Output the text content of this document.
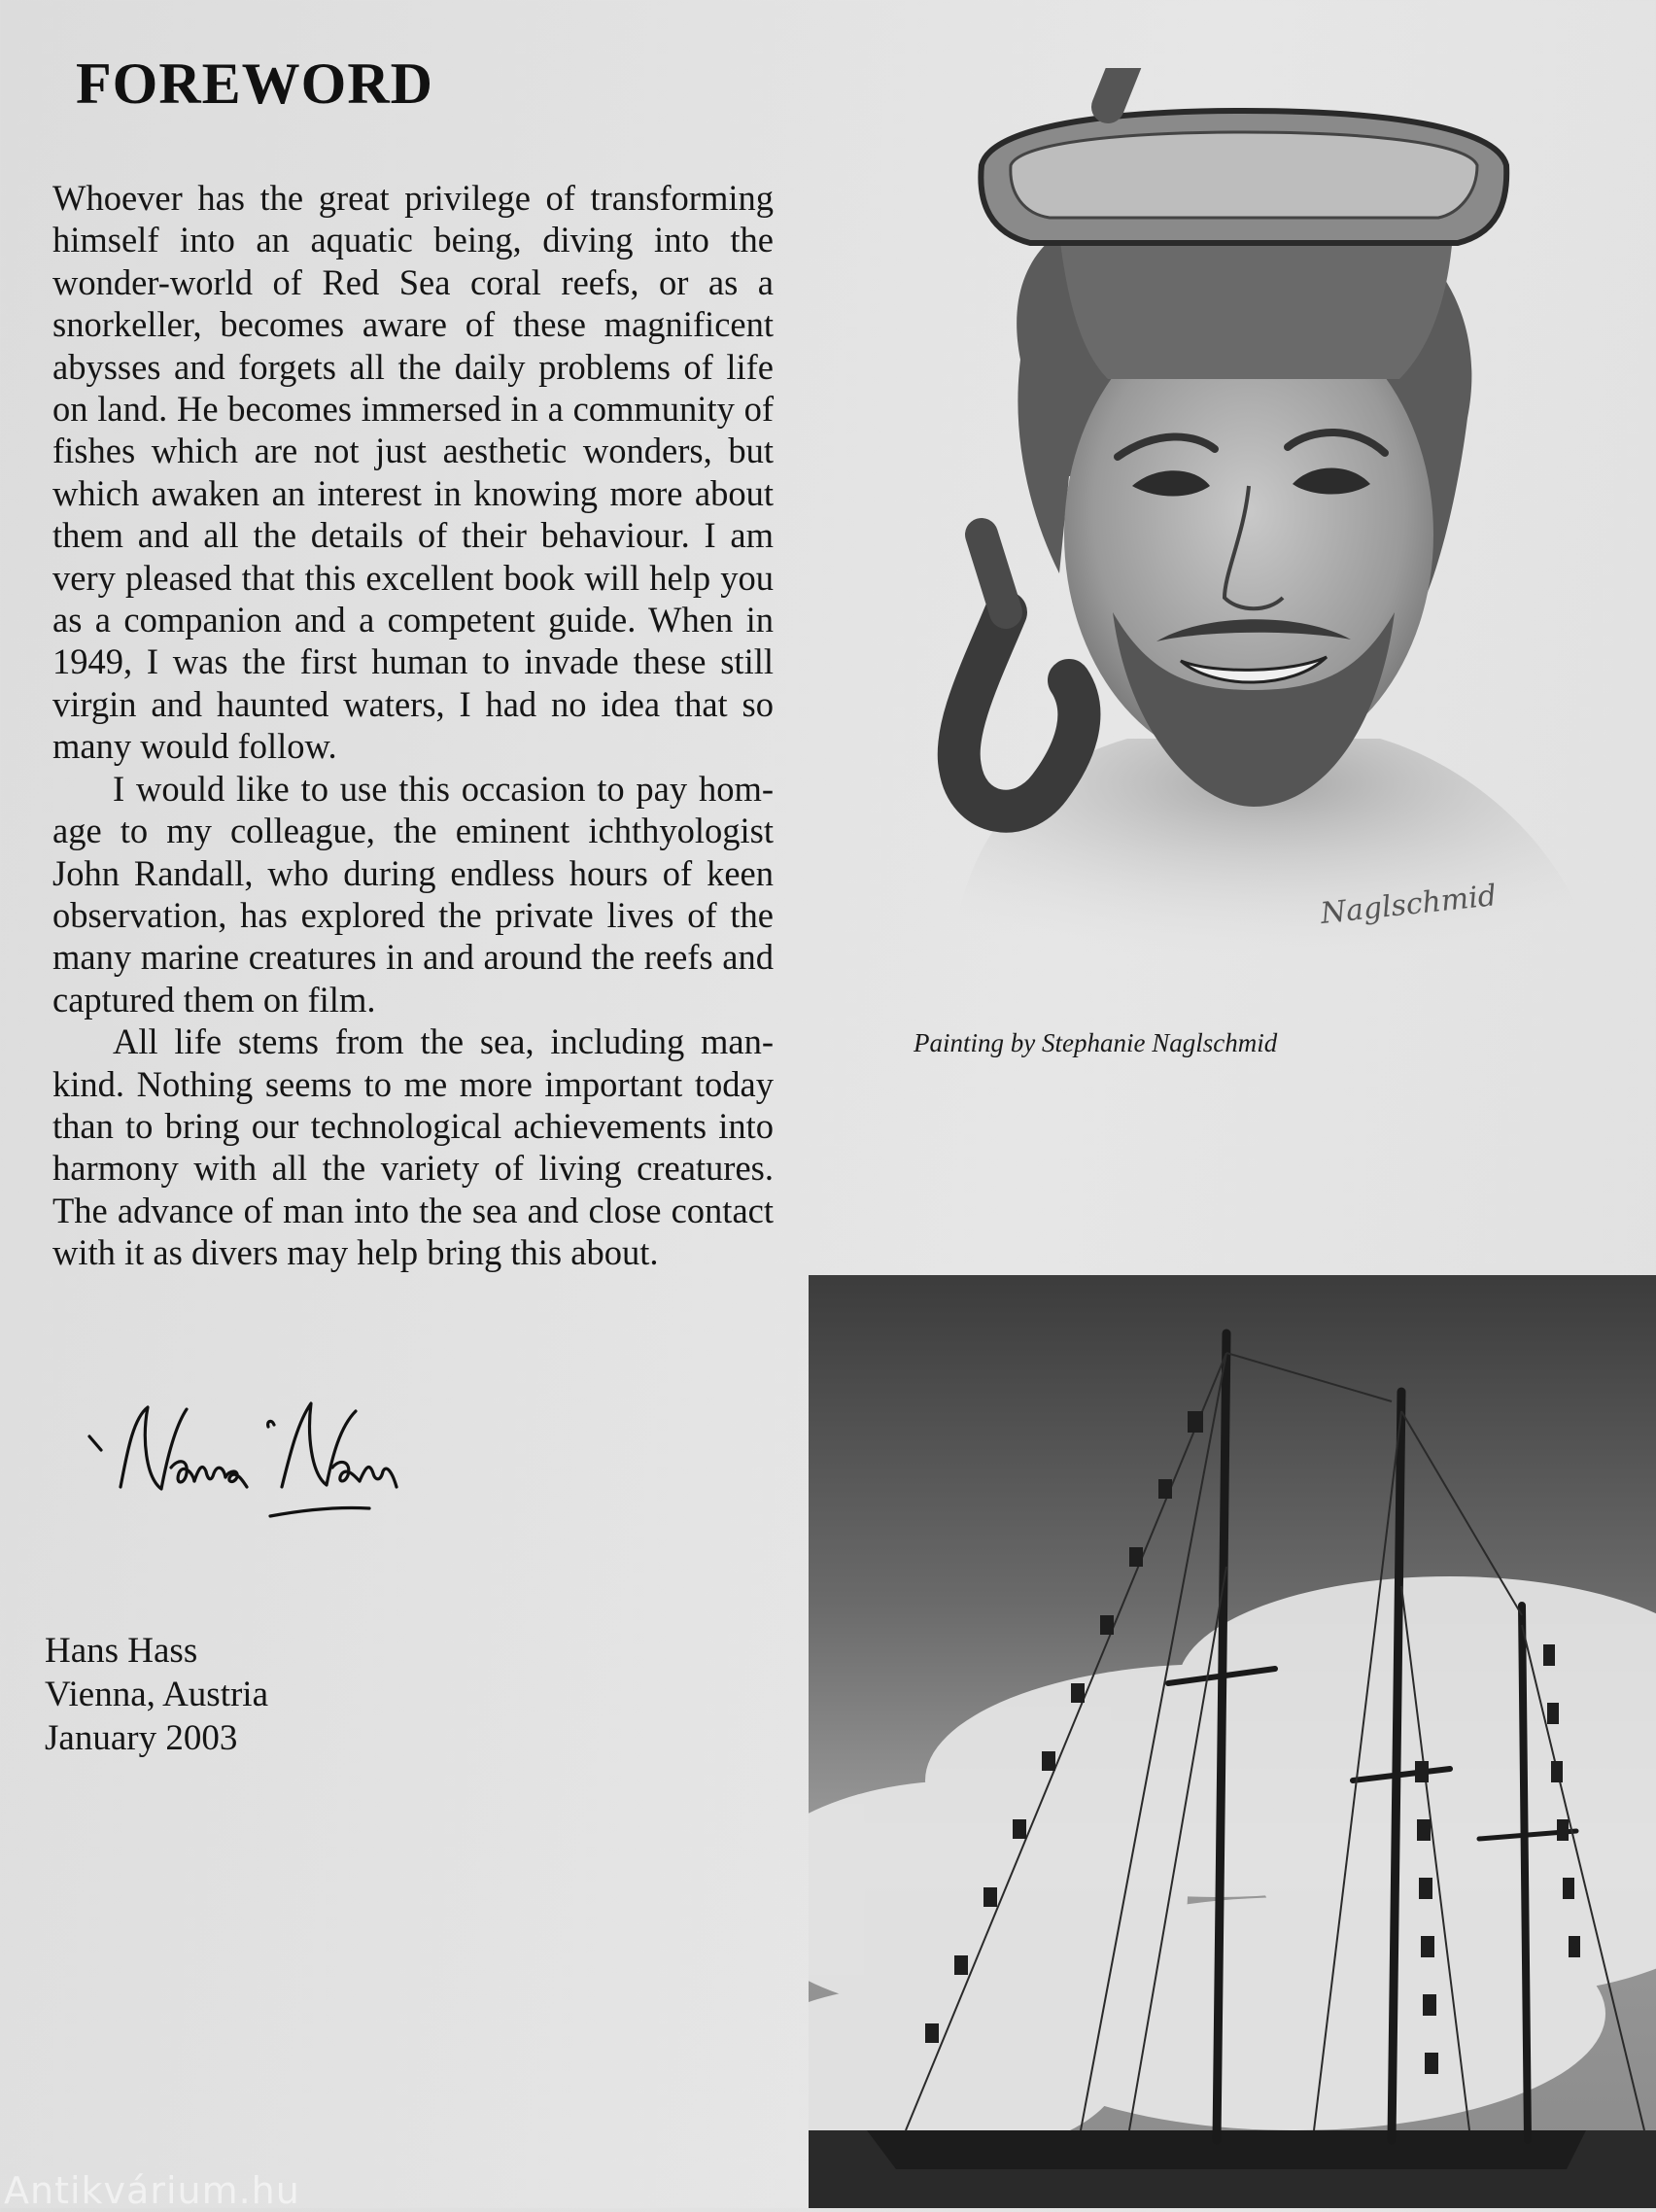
FOREWORD

Whoever has the great privilege of transforming himself into an aquatic being, diving into the wonder-world of Red Sea coral reefs, or as a snorkeller, becomes aware of these magnificent abysses and forgets all the daily problems of life on land. He becomes immersed in a community of fishes which are not just aesthetic wonders, but which awaken an interest in knowing more about them and all the details of their behaviour. I am very pleased that this excellent book will help you as a companion and a competent guide. When in 1949, I was the first human to invade these still virgin and haunted waters, I had no idea that so many would follow.

I would like to use this occasion to pay hom-age to my colleague, the eminent ichthyologist John Randall, who during endless hours of keen observation, has explored the private lives of the many marine creatures in and around the reefs and captured them on film.

All life stems from the sea, including man-kind. Nothing seems to me more important today than to bring our technological achievements into harmony with all the variety of living creatures. The advance of man into the sea and close contact with it as divers may help bring this about.

Hans Hass
Vienna, Austria
January 2003
Naglschmid
Painting by Stephanie Naglschmid
Antikvárium.hu
